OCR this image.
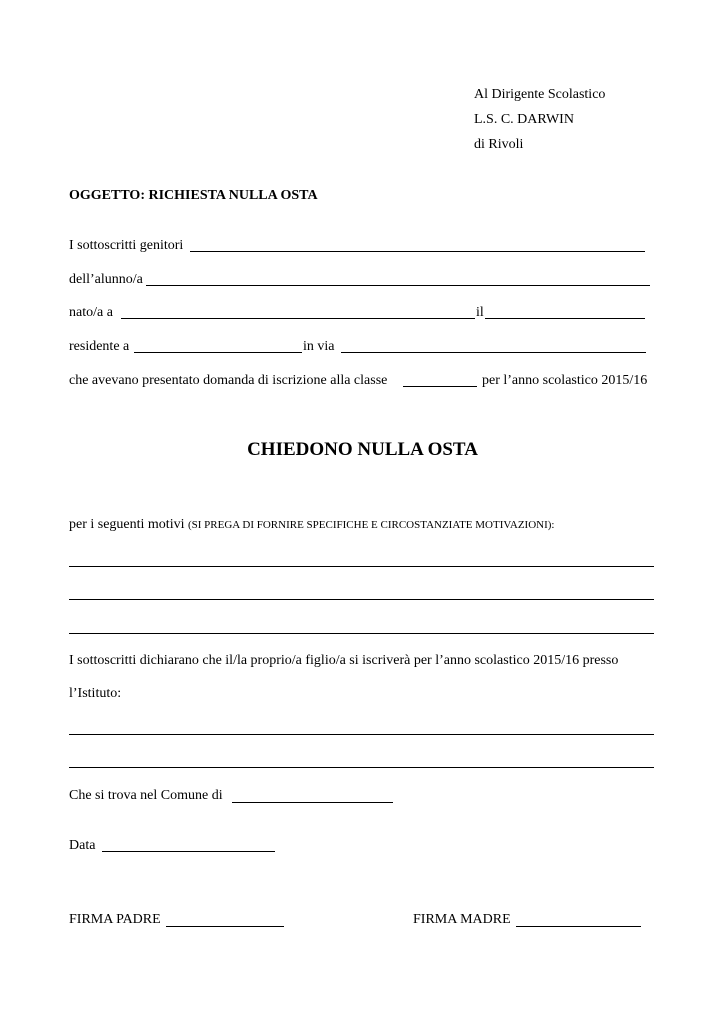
Al Dirigente Scolastico
L.S. C. DARWIN
di Rivoli
OGGETTO: RICHIESTA NULLA OSTA
I sottoscritti genitori
dell’alunno/a
nato/a a	il
residente a	in via
che avevano presentato domanda di iscrizione alla classe	per l’anno scolastico 2015/16
CHIEDONO NULLA OSTA
per i seguenti motivi (SI PREGA DI FORNIRE SPECIFICHE E CIRCOSTANZIATE MOTIVAZIONI):
I sottoscritti dichiarano che il/la proprio/a figlio/a si iscriverà per l’anno scolastico 2015/16 presso
l’Istituto:
Che si trova nel Comune di
Data
FIRMA PADRE	FIRMA MADRE
